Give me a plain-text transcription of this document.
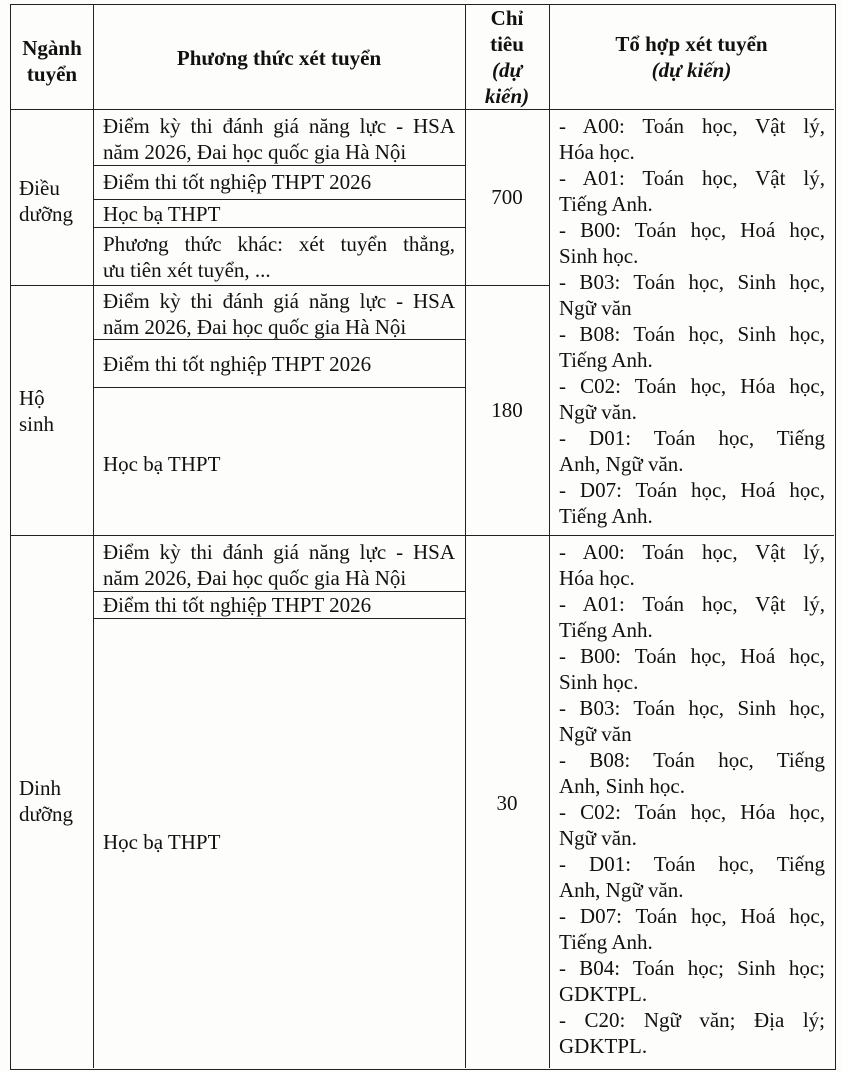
Ngành
tuyển
Phương thức xét tuyển
Chỉ
tiêu
(dự
kiến)
Tổ hợp xét tuyển
(dự kiến)
Điều
dưỡng
Điểm kỳ thi đánh giá năng lực - HSA
năm 2026, Đai học quốc gia Hà Nội
Điểm thi tốt nghiệp THPT 2026
Học bạ THPT
Phương thức khác: xét tuyển thẳng,
ưu tiên xét tuyển, ...
700
Hộ
sinh
Điểm kỳ thi đánh giá năng lực - HSA
năm 2026, Đai học quốc gia Hà Nội
Điểm thi tốt nghiệp THPT 2026
Học bạ THPT
180
Dinh
dưỡng
Điểm kỳ thi đánh giá năng lực - HSA
năm 2026, Đai học quốc gia Hà Nội
Điểm thi tốt nghiệp THPT 2026
Học bạ THPT
30
- A00: Toán học, Vật lý,
Hóa học.
- A01: Toán học, Vật lý,
Tiếng Anh.
- B00: Toán học, Hoá học,
Sinh học.
- B03: Toán học, Sinh học,
Ngữ văn
- B08: Toán học, Sinh học,
Tiếng Anh.
- C02: Toán học, Hóa học,
Ngữ văn.
- D01: Toán học, Tiếng
Anh, Ngữ văn.
- D07: Toán học, Hoá học,
Tiếng Anh.
- A00: Toán học, Vật lý,
Hóa học.
- A01: Toán học, Vật lý,
Tiếng Anh.
- B00: Toán học, Hoá học,
Sinh học.
- B03: Toán học, Sinh học,
Ngữ văn
- B08: Toán học, Tiếng
Anh, Sinh học.
- C02: Toán học, Hóa học,
Ngữ văn.
- D01: Toán học, Tiếng
Anh, Ngữ văn.
- D07: Toán học, Hoá học,
Tiếng Anh.
- B04: Toán học; Sinh học;
GDKTPL.
- C20: Ngữ văn; Địa lý;
GDKTPL.
